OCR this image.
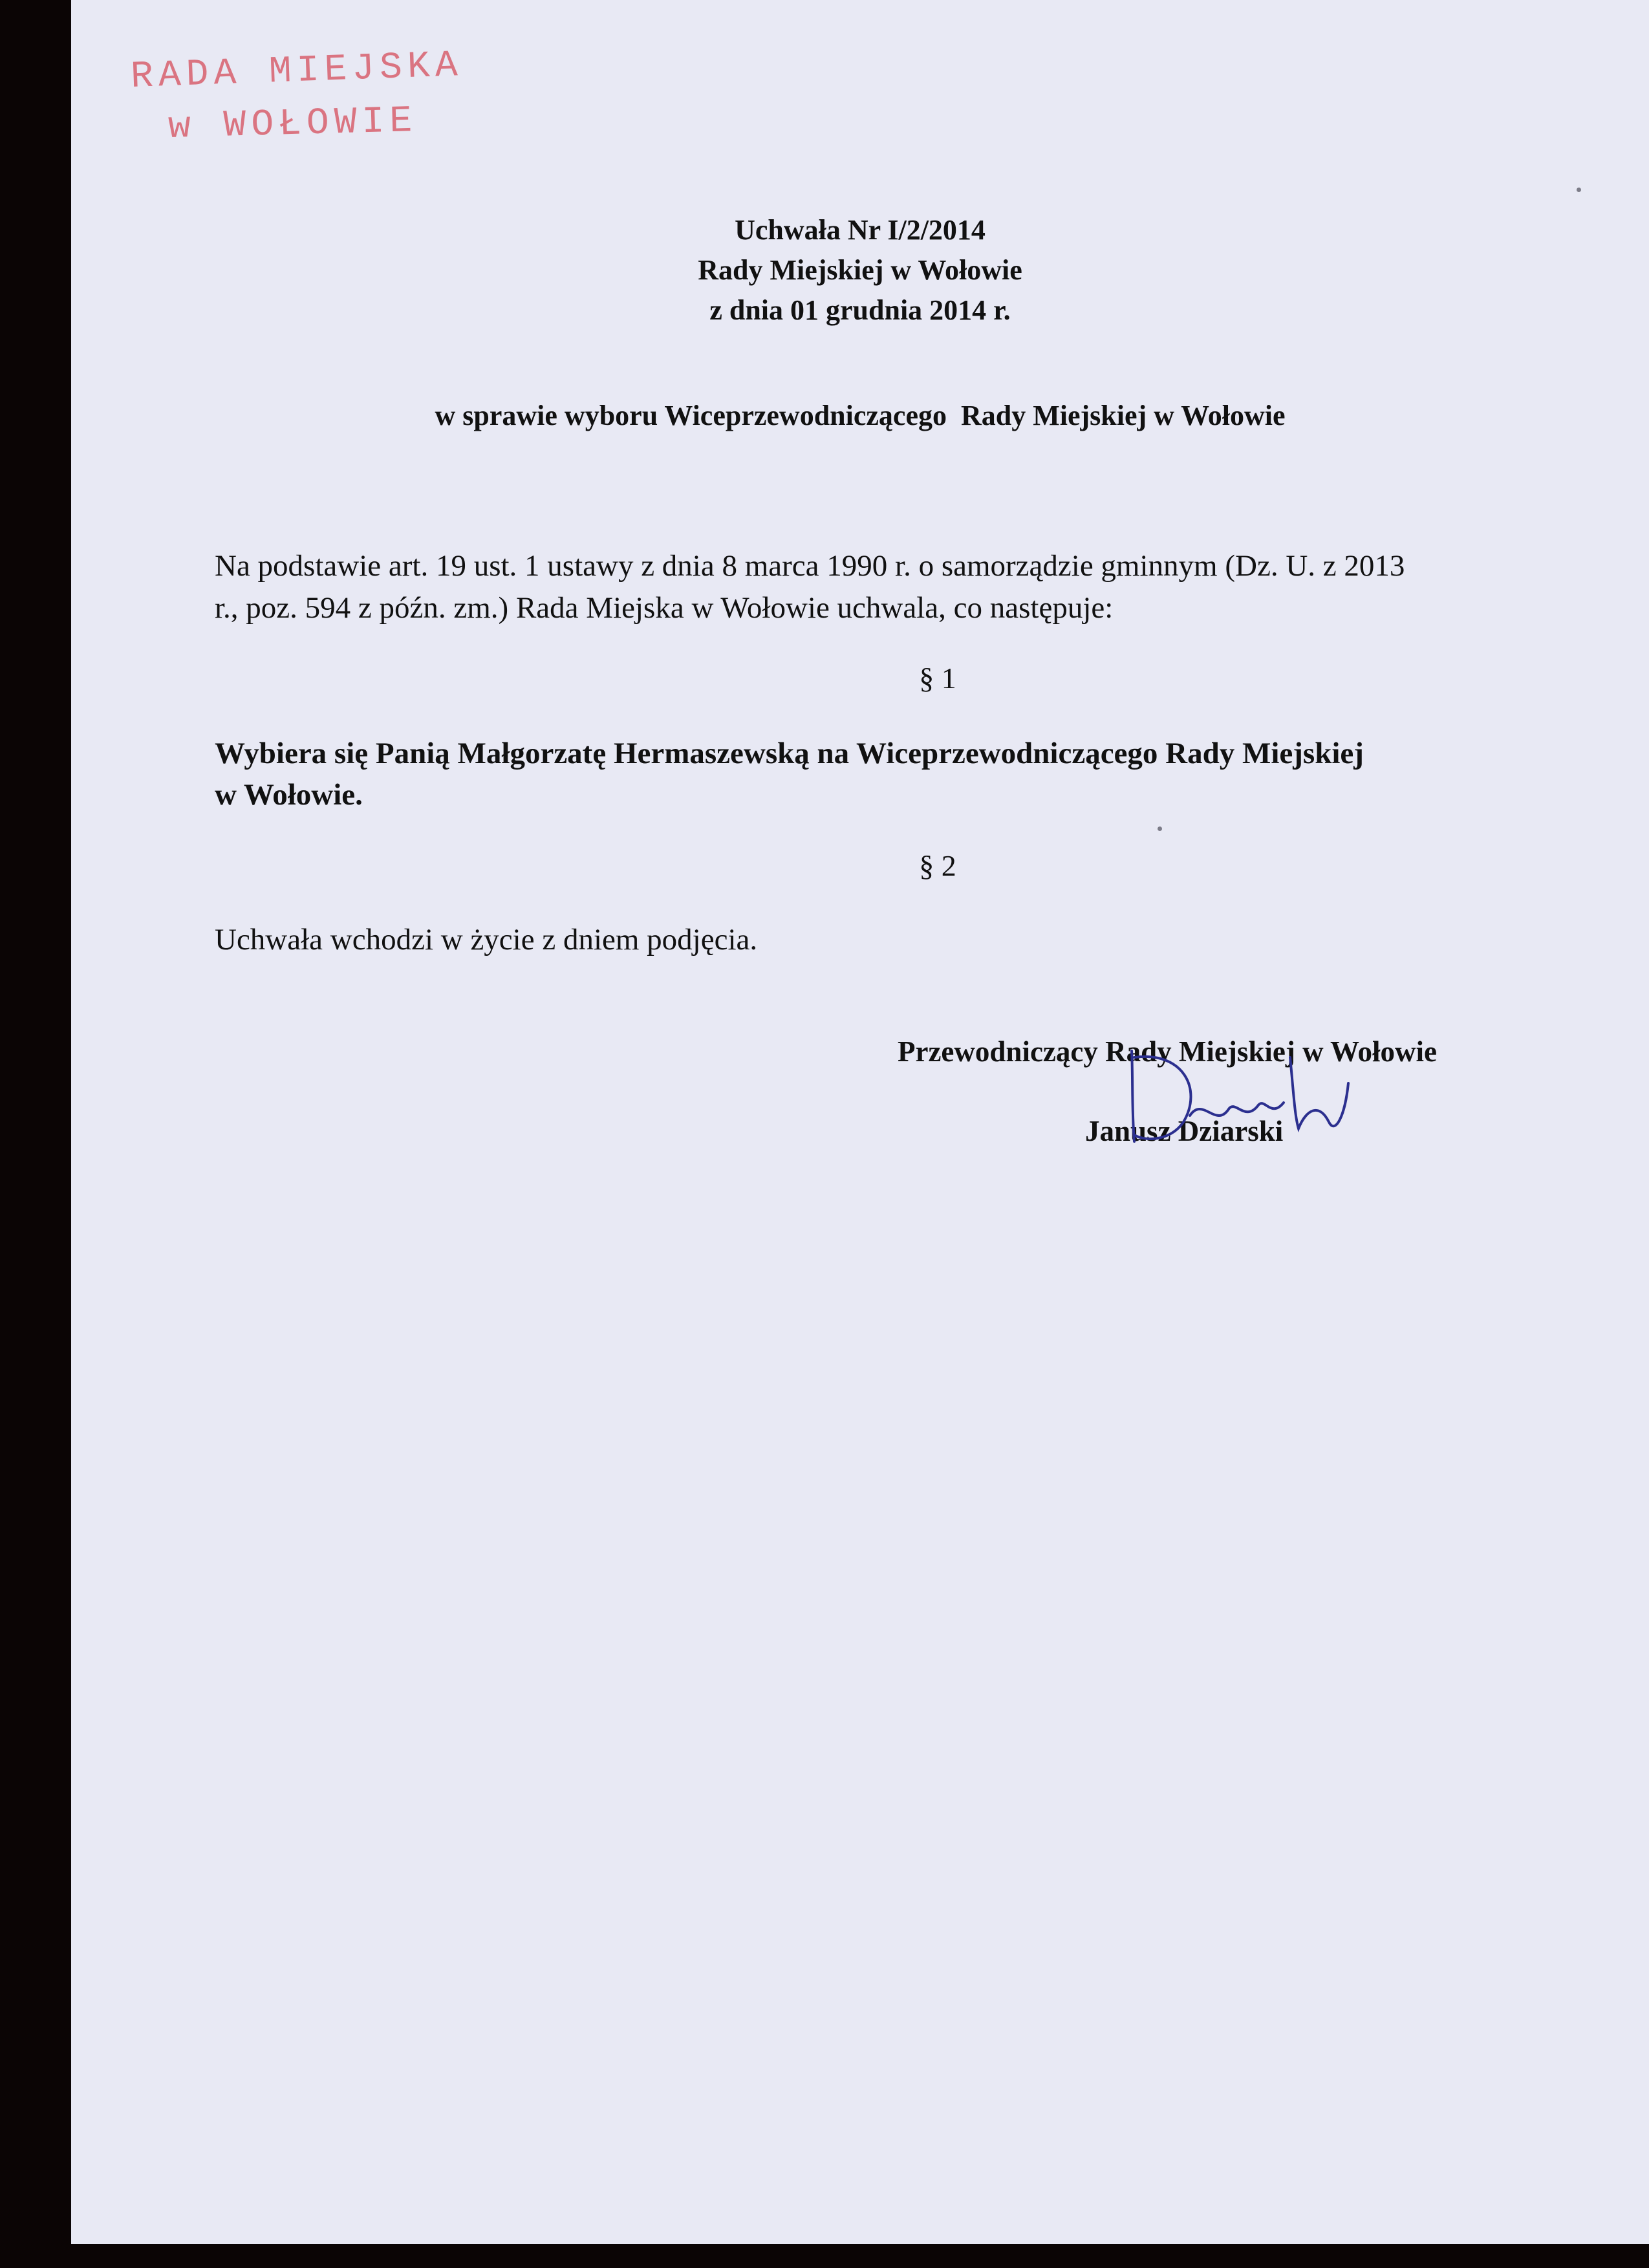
RADA MIEJSKA
w WOŁOWIE
Uchwała Nr I/2/2014
Rady Miejskiej w Wołowie
z dnia 01 grudnia 2014 r.
w sprawie wyboru Wiceprzewodniczącego  Rady Miejskiej w Wołowie
Na podstawie art. 19 ust. 1 ustawy z dnia 8 marca 1990 r. o samorządzie gminnym (Dz. U. z 2013
r., poz. 594 z późn. zm.) Rada Miejska w Wołowie uchwala, co następuje:
§ 1
Wybiera się Panią Małgorzatę Hermaszewską na Wiceprzewodniczącego Rady Miejskiej
w Wołowie.
§ 2
Uchwała wchodzi w życie z dniem podjęcia.
Przewodniczący Rady Miejskiej w Wołowie
Janusz Dziarski
